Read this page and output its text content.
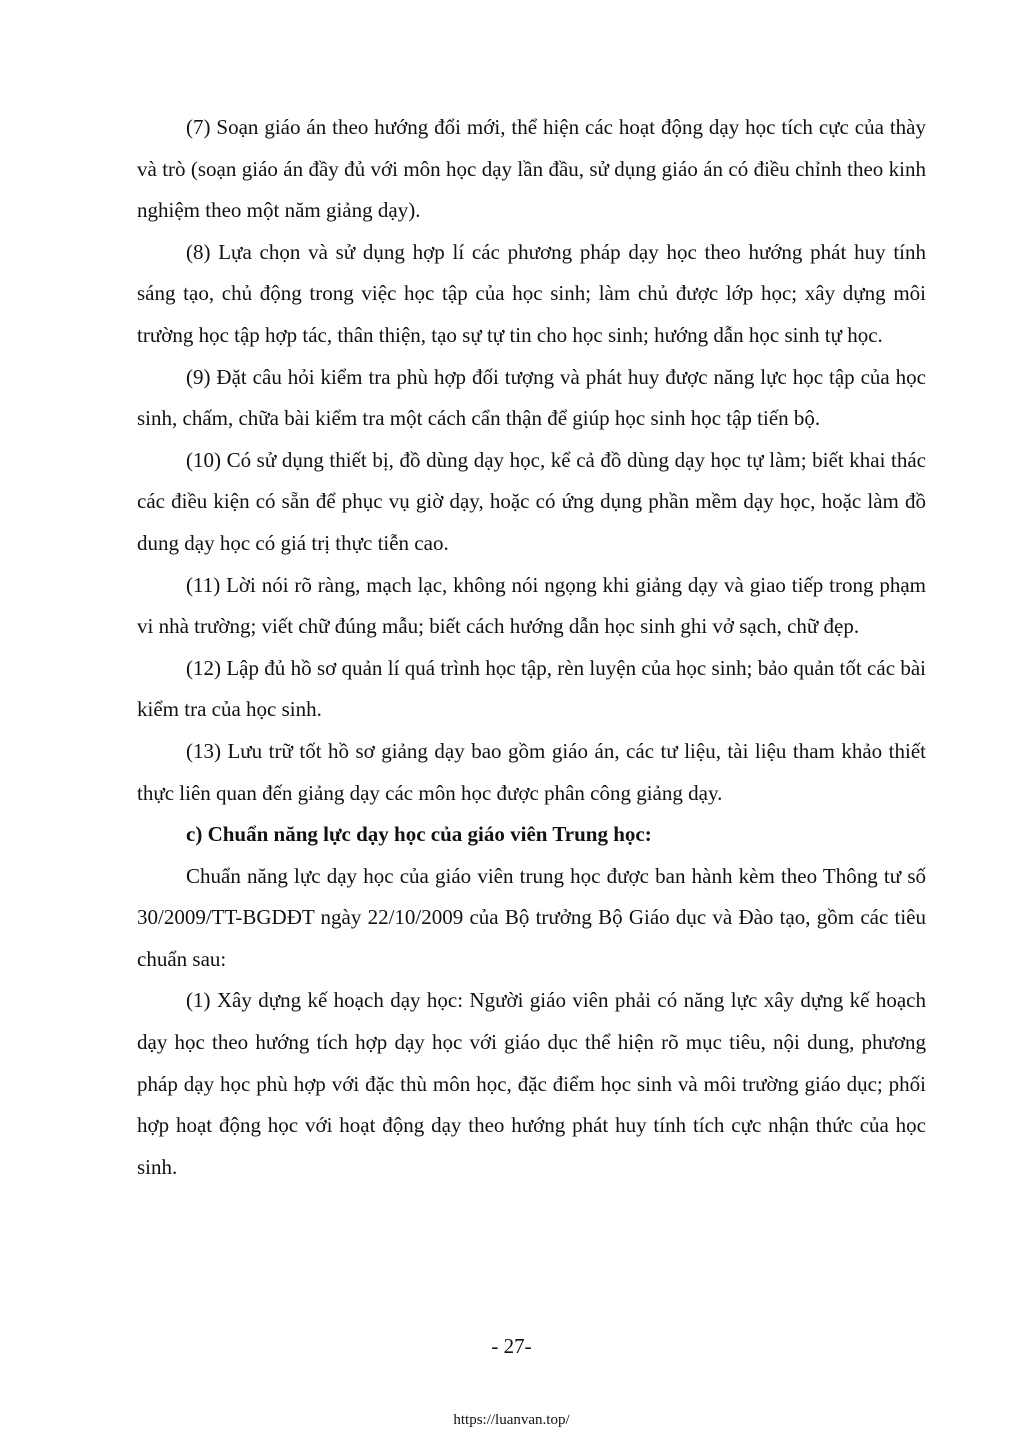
(7) Soạn giáo án theo hướng đổi mới, thể hiện các hoạt động dạy học tích cực của thày và trò (soạn giáo án đầy đủ với môn học dạy lần đầu, sử dụng giáo án có điều chỉnh theo kinh nghiệm theo một năm giảng dạy).

(8) Lựa chọn và sử dụng hợp lí các phương pháp dạy học theo hướng phát huy tính sáng tạo, chủ động trong việc học tập của học sinh; làm chủ được lớp học; xây dựng môi trường học tập hợp tác, thân thiện, tạo sự tự tin cho học sinh; hướng dẫn học sinh tự học.

(9) Đặt câu hỏi kiểm tra phù hợp đối tượng và phát huy được năng lực học tập của học sinh, chấm, chữa bài kiểm tra một cách cẩn thận để giúp học sinh học tập tiến bộ.

(10) Có sử dụng thiết bị, đồ dùng dạy học, kể cả đồ dùng dạy học tự làm; biết khai thác các điều kiện có sẵn để phục vụ giờ dạy, hoặc có ứng dụng phần mềm dạy học, hoặc làm đồ dung dạy học có giá trị thực tiễn cao.

(11) Lời nói rõ ràng, mạch lạc, không nói ngọng khi giảng dạy và giao tiếp trong phạm vi nhà trường; viết chữ đúng mẫu; biết cách hướng dẫn học sinh ghi vở sạch, chữ đẹp.

(12) Lập đủ hồ sơ quản lí quá trình học tập, rèn luyện của học sinh; bảo quản tốt các bài kiểm tra của học sinh.

(13) Lưu trữ tốt hồ sơ giảng dạy bao gồm giáo án, các tư liệu, tài liệu tham khảo thiết thực liên quan đến giảng dạy các môn học được phân công giảng dạy.

c) Chuẩn năng lực dạy học của giáo viên Trung học:

Chuẩn năng lực dạy học của giáo viên trung học được ban hành kèm theo Thông tư số 30/2009/TT-BGDĐT ngày 22/10/2009 của Bộ trưởng Bộ Giáo dục và Đào tạo, gồm các tiêu chuẩn sau:

(1) Xây dựng kế hoạch dạy học: Người giáo viên phải có năng lực xây dựng kế hoạch dạy học theo hướng tích hợp dạy học với giáo dục thể hiện rõ mục tiêu, nội dung, phương pháp dạy học phù hợp với đặc thù môn học, đặc điểm học sinh và môi trường giáo dục; phối hợp hoạt động học với hoạt động dạy theo hướng phát huy tính tích cực nhận thức của học sinh.

- 27-
https://luanvan.top/
